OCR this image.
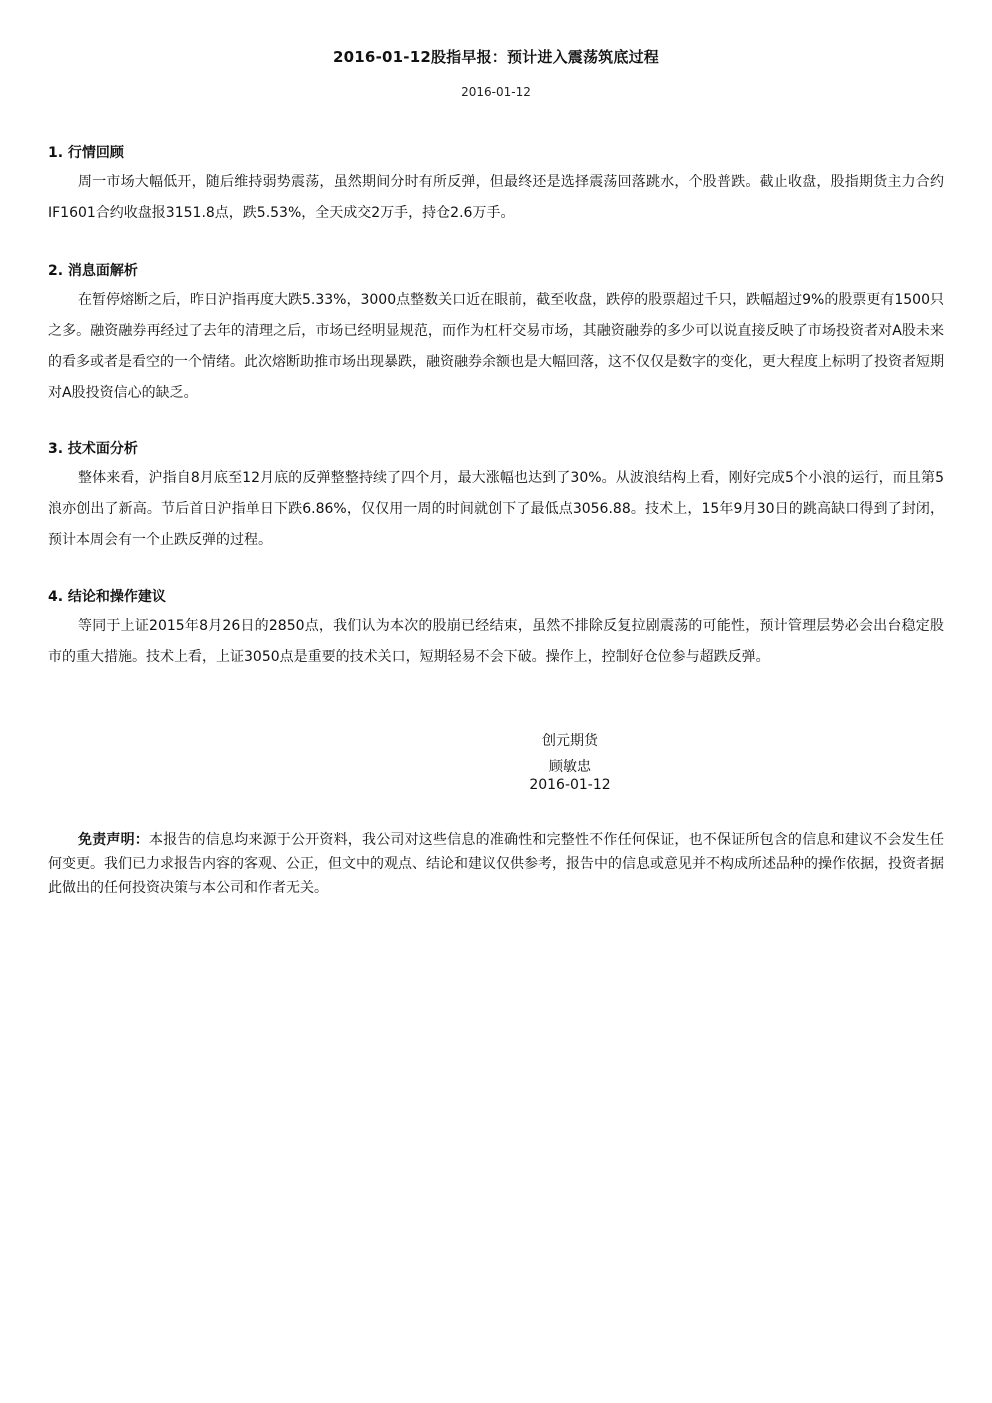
2016-01-12股指早报：预计进入震荡筑底过程
2016-01-12
1. 行情回顾

周一市场大幅低开，随后维持弱势震荡，虽然期间分时有所反弹，但最终还是选择震荡回落跳水，个股普跌。截止收盘，股指期货主力合约IF1601合约收盘报3151.8点，跌5.53%，全天成交2万手，持仓2.6万手。

2. 消息面解析

在暂停熔断之后，昨日沪指再度大跌5.33%，3000点整数关口近在眼前，截至收盘，跌停的股票超过千只，跌幅超过9%的股票更有1500只之多。融资融券再经过了去年的清理之后，市场已经明显规范，而作为杠杆交易市场，其融资融券的多少可以说直接反映了市场投资者对A股未来的看多或者是看空的一个情绪。此次熔断助推市场出现暴跌，融资融券余额也是大幅回落，这不仅仅是数字的变化，更大程度上标明了投资者短期对A股投资信心的缺乏。

3. 技术面分析

整体来看，沪指自8月底至12月底的反弹整整持续了四个月，最大涨幅也达到了30%。从波浪结构上看，刚好完成5个小浪的运行，而且第5浪亦创出了新高。节后首日沪指单日下跌6.86%，仅仅用一周的时间就创下了最低点3056.88。技术上，15年9月30日的跳高缺口得到了封闭，预计本周会有一个止跌反弹的过程。

4. 结论和操作建议

等同于上证2015年8月26日的2850点，我们认为本次的股崩已经结束，虽然不排除反复拉剧震荡的可能性，预计管理层势必会出台稳定股市的重大措施。技术上看，上证3050点是重要的技术关口，短期轻易不会下破。操作上，控制好仓位参与超跌反弹。

创元期货
顾敏忠
2016-01-12
免责声明：本报告的信息均来源于公开资料，我公司对这些信息的准确性和完整性不作任何保证，也不保证所包含的信息和建议不会发生任何变更。我们已力求报告内容的客观、公正，但文中的观点、结论和建议仅供参考，报告中的信息或意见并不构成所述品种的操作依据，投资者据此做出的任何投资决策与本公司和作者无关。
